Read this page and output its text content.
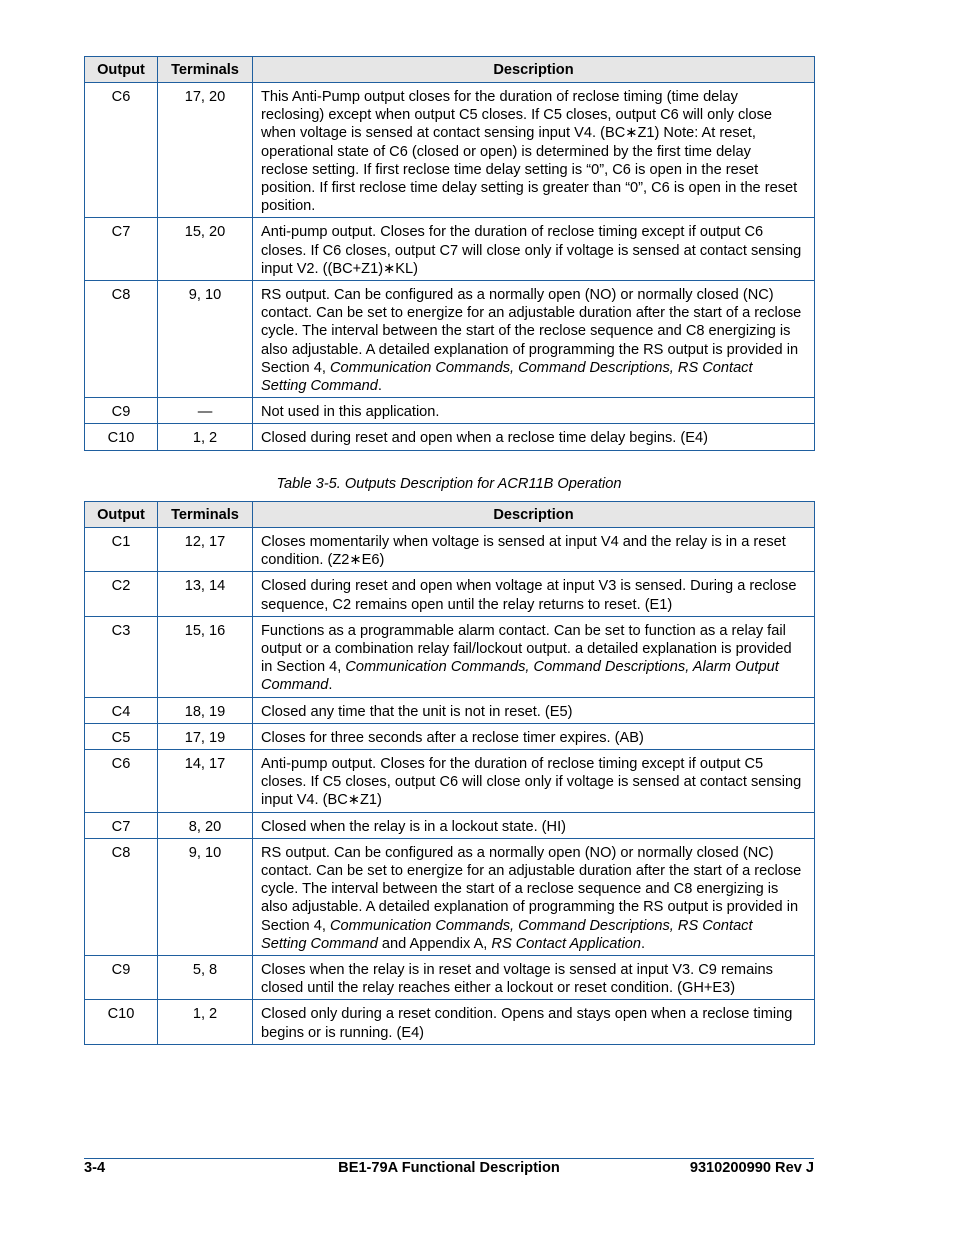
Output	Terminals	Description
C6	17, 20	This Anti-Pump output closes for the duration of reclose timing (time delay reclosing) except when output C5 closes. If C5 closes, output C6 will only close when voltage is sensed at contact sensing input V4. (BC∗Z1) Note: At reset, operational state of C6 (closed or open) is determined by the first time delay reclose setting. If first reclose time delay setting is “0”, C6 is open in the reset position. If first reclose time delay setting is greater than “0”, C6 is open in the reset position.
C7	15, 20	Anti-pump output. Closes for the duration of reclose timing except if output C6 closes. If C6 closes, output C7 will close only if voltage is sensed at contact sensing input V2. ((BC+Z1)∗KL)
C8	9, 10	RS output. Can be configured as a normally open (NO) or normally closed (NC) contact. Can be set to energize for an adjustable duration after the start of a reclose cycle. The interval between the start of the reclose sequence and C8 energizing is also adjustable. A detailed explanation of programming the RS output is provided in Section 4, Communication Commands, Command Descriptions, RS Contact Setting Command.
C9	—	Not used in this application.
C10	1, 2	Closed during reset and open when a reclose time delay begins. (E4)
Table 3-5. Outputs Description for ACR11B Operation
Output	Terminals	Description
C1	12, 17	Closes momentarily when voltage is sensed at input V4 and the relay is in a reset condition. (Z2∗E6)
C2	13, 14	Closed during reset and open when voltage at input V3 is sensed. During a reclose sequence, C2 remains open until the relay returns to reset. (E1)
C3	15, 16	Functions as a programmable alarm contact. Can be set to function as a relay fail output or a combination relay fail/lockout output. a detailed explanation is provided in Section 4, Communication Commands, Command Descriptions, Alarm Output Command.
C4	18, 19	Closed any time that the unit is not in reset. (E5)
C5	17, 19	Closes for three seconds after a reclose timer expires. (AB)
C6	14, 17	Anti-pump output. Closes for the duration of reclose timing except if output C5 closes. If C5 closes, output C6 will close only if voltage is sensed at contact sensing input V4. (BC∗Z1)
C7	8, 20	Closed when the relay is in a lockout state. (HI)
C8	9, 10	RS output. Can be configured as a normally open (NO) or normally closed (NC) contact. Can be set to energize for an adjustable duration after the start of a reclose cycle. The interval between the start of a reclose sequence and C8 energizing is also adjustable. A detailed explanation of programming the RS output is provided in Section 4, Communication Commands, Command Descriptions, RS Contact Setting Command and Appendix A, RS Contact Application.
C9	5, 8	Closes when the relay is in reset and voltage is sensed at input V3. C9 remains closed until the relay reaches either a lockout or reset condition. (GH+E3)
C10	1, 2	Closed only during a reset condition. Opens and stays open when a reclose timing begins or is running. (E4)
3-4	BE1-79A Functional Description	9310200990 Rev J
